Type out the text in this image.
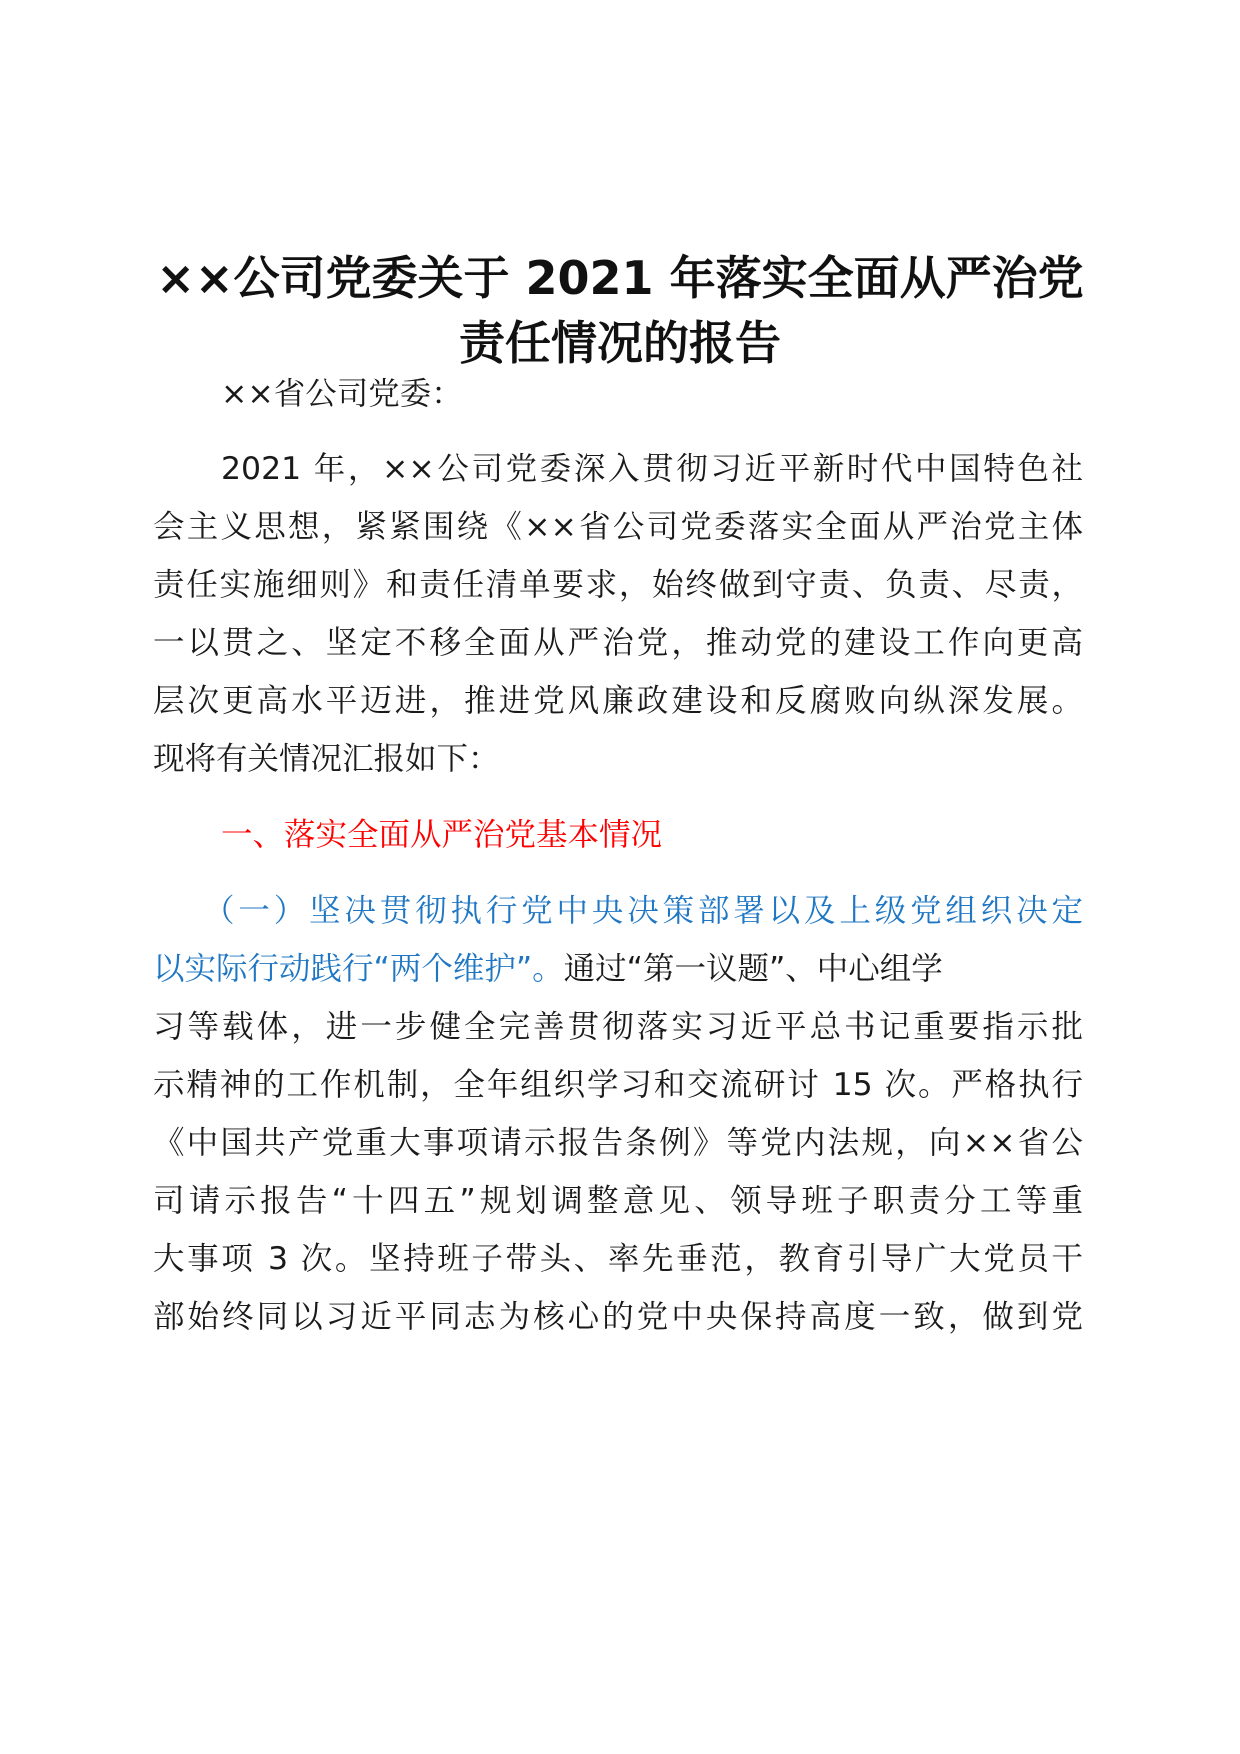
××公司党委关于 2021 年落实全面从严治党
责任情况的报告
××省公司党委：
2021 年，××公司党委深入贯彻习近平新时代中国特色社
会主义思想，紧紧围绕《××省公司党委落实全面从严治党主体
责任实施细则》和责任清单要求，始终做到守责、负责、尽责，
一以贯之、坚定不移全面从严治党，推动党的建设工作向更高
层次更高水平迈进，推进党风廉政建设和反腐败向纵深发展。
现将有关情况汇报如下：
一、落实全面从严治党基本情况
（一）坚决贯彻执行党中央决策部署以及上级党组织决定
以实际行动践行“两个维护”。通过“第一议题”、中心组学
习等载体，进一步健全完善贯彻落实习近平总书记重要指示批
示精神的工作机制，全年组织学习和交流研讨 15 次。严格执行
《中国共产党重大事项请示报告条例》等党内法规，向××省公
司请示报告“十四五”规划调整意见、领导班子职责分工等重
大事项 3 次。坚持班子带头、率先垂范，教育引导广大党员干
部始终同以习近平同志为核心的党中央保持高度一致，做到党
